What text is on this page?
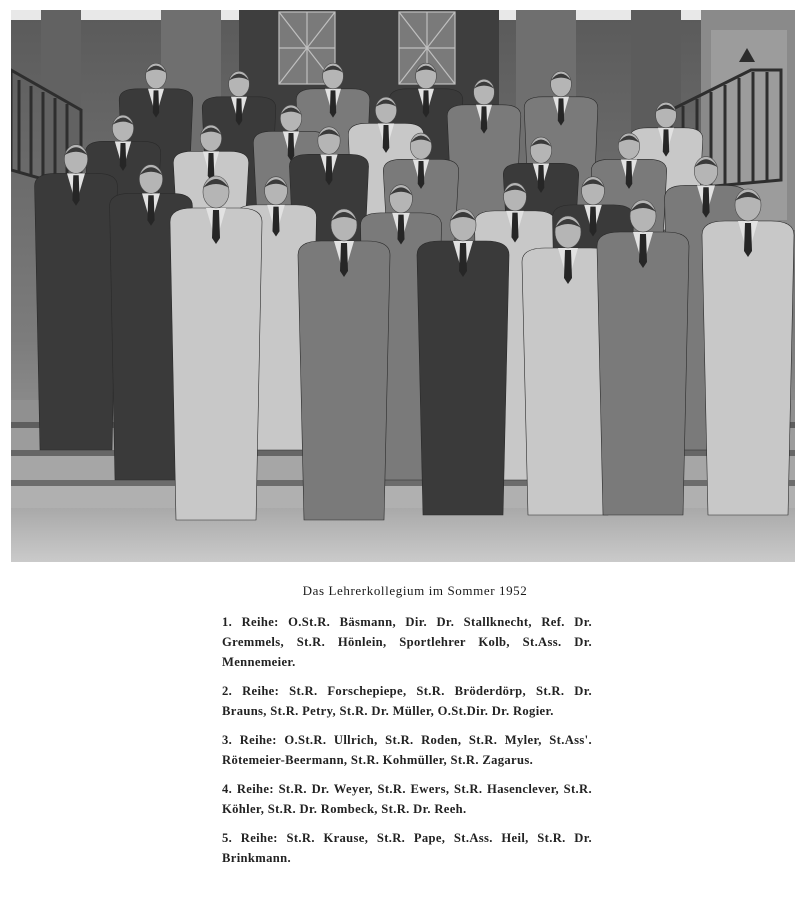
Das Lehrerkollegium im Sommer 1952

1. Reihe: O.St.R. Bäsmann, Dir. Dr. Stallknecht, Ref. Dr. Gremmels, St.R. Hönlein, Sportlehrer Kolb, St.Ass. Dr. Mennemeier.

2. Reihe: St.R. Forschepiepe, St.R. Bröderdörp, St.R. Dr. Brauns, St.R. Petry, St.R. Dr. Müller, O.St.Dir. Dr. Rogier.

3. Reihe: O.St.R. Ullrich, St.R. Roden, St.R. Myler, St.Ass'. Rötemeier-Beermann, St.R. Kohmüller, St.R. Zagarus.

4. Reihe: St.R. Dr. Weyer, St.R. Ewers, St.R. Hasenclever, St.R. Köhler, St.R. Dr. Rombeck, St.R. Dr. Reeh.

5. Reihe: St.R. Krause, St.R. Pape, St.Ass. Heil, St.R. Dr. Brinkmann.
